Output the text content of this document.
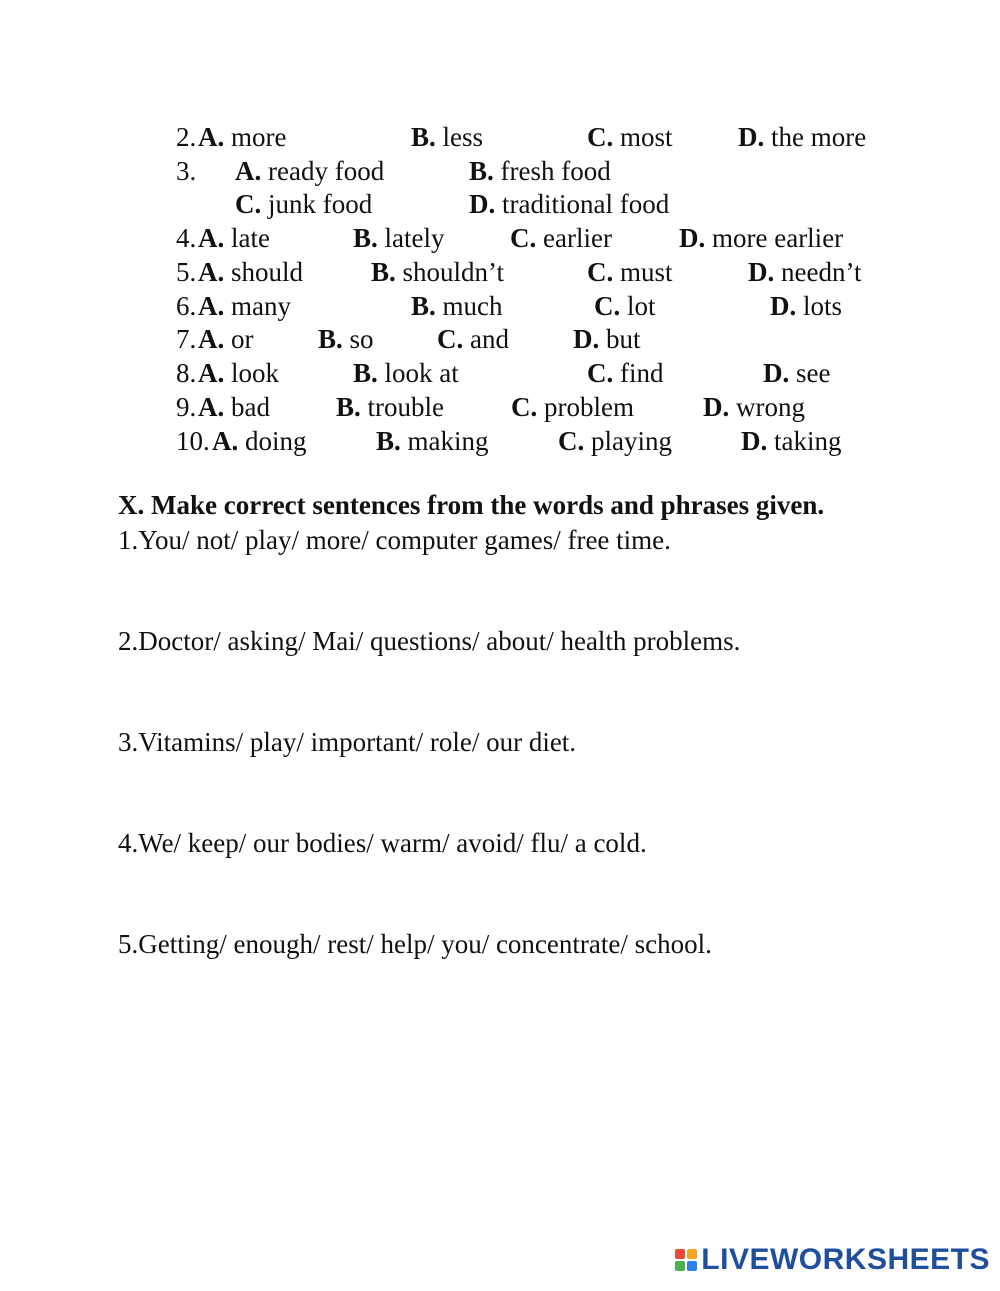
2. A. more	B. less	C. most D. the more
3. A. ready food	B. fresh food
C. junk food	D. traditional food
4. A. late	B. lately C. earlier D. more earlier
5. A. should	B. shouldn’t	C. must	D. needn’t
6. A. many	B. much	C. lot	D. lots
7. A. or B. so C. and D. but
8. A. look	B. look at	C. find	D. see
9. A. bad B. trouble C. problem	D. wrong
10. A. doing	B. making	C. playing	D. taking
X. Make correct sentences from the words and phrases given.
1.You/ not/ play/ more/ computer games/ free time.
2.Doctor/ asking/ Mai/ questions/ about/ health problems.
3.Vitamins/ play/ important/ role/ our diet.
4.We/ keep/ our bodies/ warm/ avoid/ flu/ a cold.
5.Getting/ enough/ rest/ help/ you/ concentrate/ school.
LIVEWORKSHEETS
